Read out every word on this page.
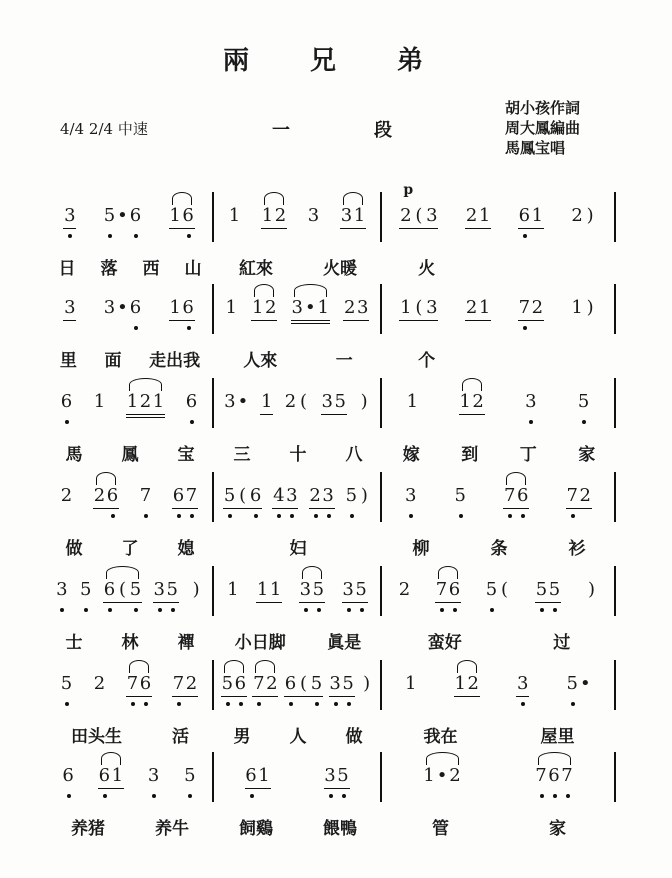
兩 兄 弟
4/4 2/4 中速	一	段
胡小孩作詞
周大鳳編曲
馬鳳宝唱
3 5 • 6 1 6 1 1 2 3 3 1
p
2 ( 3 2 1 6 1 2 )
日 落 西 山 紅來	火暖	火
3 3 • 6 1 6 1 1 2 3 • 1 2 3 1 ( 3 2 1 7 2 1 )
里 面 走出我	人來	一	个
6 1 1 2 1 6 3 • 1 2 ( 3 5 ) 1 1 2 3 5
馬 鳳 宝 三 十 八 嫁 到 丁 家
2 2 6 7 6 7 5 ( 6 4 3 2 3 5 ) 3 5 7 6 7 2
做 了 媳	妇	柳	条	衫
3 5 6 ( 5 3 5 ) 1 1 1 3 5 3 5 2 7 6 5 ( 5 5 )
士 林 襌 小日脚 眞是	蛮好	过
5 2 7 6 7 2 5 6 7 2 6 ( 5 3 5 ) 1 1 2 3 5 •
田头生	活	男 人 做	我在	屋里
6 6 1 3 5	6 1	3 5	1 • 2	7 6 7
养猪	养牛	飼鷄	餵鴨	管	家
